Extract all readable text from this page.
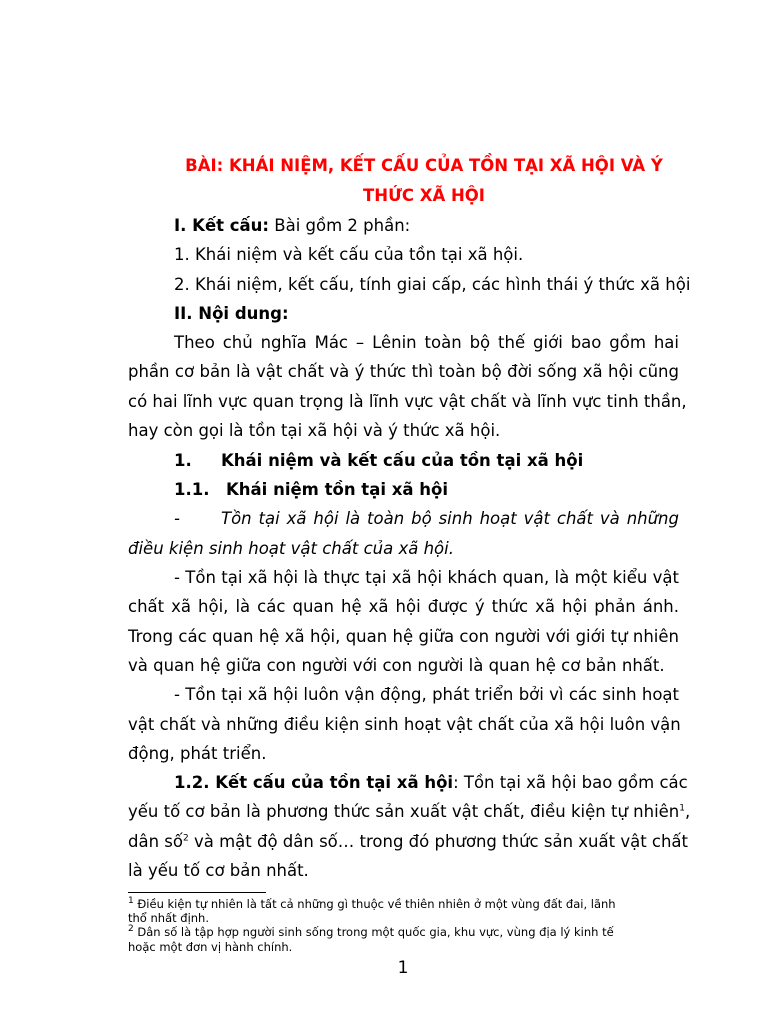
BÀI: KHÁI NIỆM, KẾT CẤU CỦA TỒN TẠI XÃ HỘI VÀ Ý
THỨC XÃ HỘI
I. Kết cấu: Bài gồm 2 phần:
1. Khái niệm và kết cấu của tồn tại xã hội.
2. Khái niệm, kết cấu, tính giai cấp, các hình thái ý thức xã hội
II. Nội dung:
Theo chủ nghĩa Mác – Lênin toàn bộ thế giới bao gồm hai
phần cơ bản là vật chất và ý thức thì toàn bộ đời sống xã hội cũng
có hai lĩnh vực quan trọng là lĩnh vực vật chất và lĩnh vực tinh thần,
hay còn gọi là tồn tại xã hội và ý thức xã hội.
1. Khái niệm và kết cấu của tồn tại xã hội
1.1. Khái niệm tồn tại xã hội
- Tồn tại xã hội là toàn bộ sinh hoạt vật chất và những
điều kiện sinh hoạt vật chất của xã hội.
- Tồn tại xã hội là thực tại xã hội khách quan, là một kiểu vật
chất xã hội, là các quan hệ xã hội được ý thức xã hội phản ánh.
Trong các quan hệ xã hội, quan hệ giữa con người với giới tự nhiên
và quan hệ giữa con người với con người là quan hệ cơ bản nhất.
- Tồn tại xã hội luôn vận động, phát triển bởi vì các sinh hoạt
vật chất và những điều kiện sinh hoạt vật chất của xã hội luôn vận
động, phát triển.
1.2. Kết cấu của tồn tại xã hội: Tồn tại xã hội bao gồm các
yếu tố cơ bản là phương thức sản xuất vật chất, điều kiện tự nhiên$^1$,
dân số$^2$ và mật độ dân số… trong đó phương thức sản xuất vật chất
là yếu tố cơ bản nhất.
$^1$ Điều kiện tự nhiên là tất cả những gì thuộc về thiên nhiên ở một vùng đất đai, lãnh
thổ nhất định.
$^2$ Dân số là tập hợp người sinh sống trong một quốc gia, khu vực, vùng địa lý kinh tế
hoặc một đơn vị hành chính.
1
